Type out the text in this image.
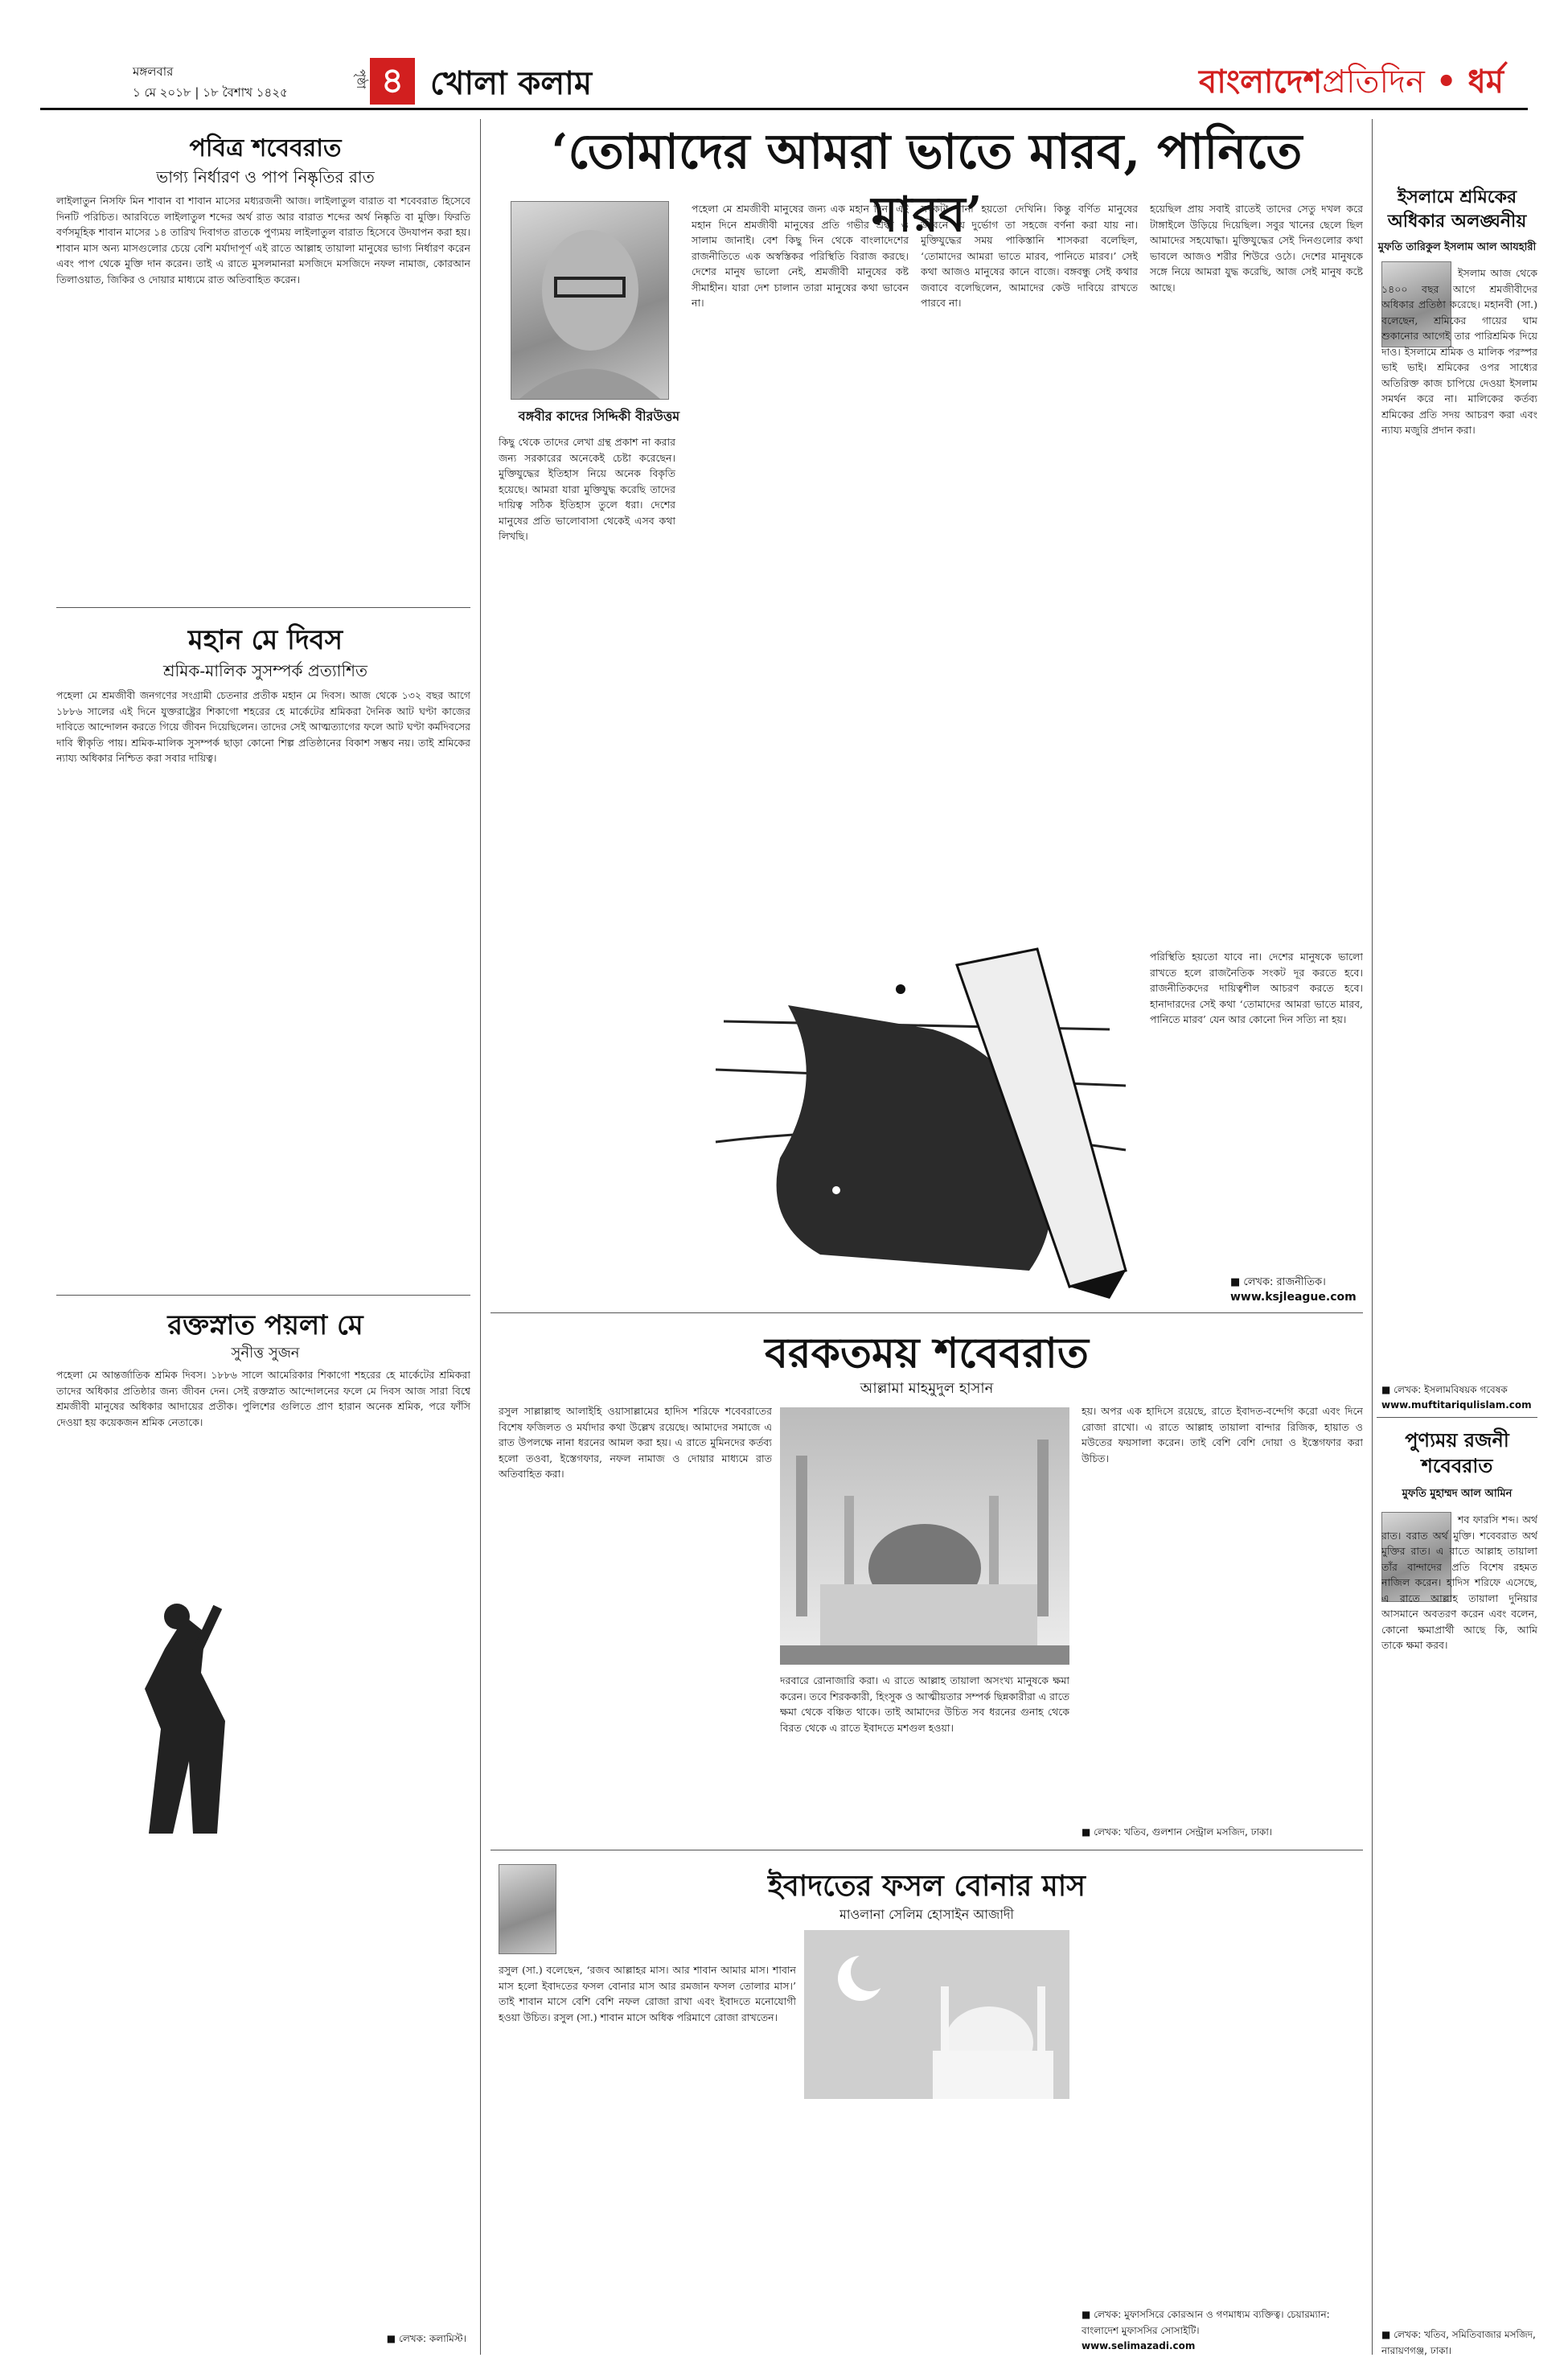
মঙ্গলবার
১ মে ২০১৮ | ১৮ বৈশাখ ১৪২৫
পৃষ্ঠা ৪ খোলা কলাম	বাংলাদেশপ্রতিদিন • ধর্ম
পবিত্র শবেবরাত
ভাগ্য নির্ধারণ ও পাপ নিষ্কৃতির রাত
লাইলাতুন নিসফি মিন শাবান বা শাবান মাসের মধ্যরজনী আজ। লাইলাতুল বারাত বা শবেবরাত হিসেবে দিনটি পরিচিত। আরবিতে লাইলাতুল শব্দের অর্থ রাত আর বারাত শব্দের অর্থ নিষ্কৃতি বা মুক্তি। ফিরতি বর্ণসমূহিক শাবান মাসের ১৪ তারিখ দিবাগত রাতকে পুণ্যময় লাইলাতুল বারাত হিসেবে উদযাপন করা হয়। শাবান মাস অন্য মাসগুলোর চেয়ে বেশি মর্যাদাপূর্ণ এই রাতে আল্লাহ তায়ালা মানুষের ভাগ্য নির্ধারণ করেন এবং পাপ থেকে মুক্তি দান করেন। তাই এ রাতে মুসলমানরা মসজিদে মসজিদে নফল নামাজ, কোরআন তিলাওয়াত, জিকির ও দোয়ার মাধ্যমে রাত অতিবাহিত করেন।
মহান মে দিবস
শ্রমিক-মালিক সুসম্পর্ক প্রত্যাশিত
পহেলা মে শ্রমজীবী জনগণের সংগ্রামী চেতনার প্রতীক মহান মে দিবস। আজ থেকে ১৩২ বছর আগে ১৮৮৬ সালের এই দিনে যুক্তরাষ্ট্রের শিকাগো শহরের হে মার্কেটের শ্রমিকরা দৈনিক আট ঘণ্টা কাজের দাবিতে আন্দোলন করতে গিয়ে জীবন দিয়েছিলেন। তাদের সেই আত্মত্যাগের ফলে আট ঘণ্টা কর্মদিবসের দাবি স্বীকৃতি পায়। শ্রমিক-মালিক সুসম্পর্ক ছাড়া কোনো শিল্প প্রতিষ্ঠানের বিকাশ সম্ভব নয়। তাই শ্রমিকের ন্যায্য অধিকার নিশ্চিত করা সবার দায়িত্ব।
রক্তস্নাত পয়লা মে
সুনীত্ত সুজন
পহেলা মে আন্তর্জাতিক শ্রমিক দিবস। ১৮৮৬ সালে আমেরিকার শিকাগো শহরের হে মার্কেটের শ্রমিকরা তাদের অধিকার প্রতিষ্ঠার জন্য জীবন দেন। সেই রক্তস্নাত আন্দোলনের ফলে মে দিবস আজ সারা বিশ্বে শ্রমজীবী মানুষের অধিকার আদায়ের প্রতীক। পুলিশের গুলিতে প্রাণ হারান অনেক শ্রমিক, পরে ফাঁসি দেওয়া হয় কয়েকজন শ্রমিক নেতাকে।
■ লেখক: কলামিস্ট।
‘তোমাদের আমরা ভাতে মারব, পানিতে মারব’
বঙ্গবীর কাদের সিদ্দিকী বীরউত্তম
পহেলা মে শ্রমজীবী মানুষের জন্য এক মহান দিন। এই মহান দিনে শ্রমজীবী মানুষের প্রতি গভীর শ্রদ্ধা ও সালাম জানাই। বেশ কিছু দিন থেকে বাংলাদেশের রাজনীতিতে এক অস্বস্তিকর পরিস্থিতি বিরাজ করছে। দেশের মানুষ ভালো নেই, শ্রমজীবী মানুষের কষ্ট সীমাহীন। যারা দেশ চালান তারা মানুষের কথা ভাবেন না।
সবকটা ধানা হয়তো দেখিনি। কিন্তু বর্ণিত মানুষের জীবনে যে দুর্ভোগ তা সহজে বর্ণনা করা যায় না। মুক্তিযুদ্ধের সময় পাকিস্তানি শাসকরা বলেছিল, ‘তোমাদের আমরা ভাতে মারব, পানিতে মারব।’ সেই কথা আজও মানুষের কানে বাজে। বঙ্গবন্ধু সেই কথার জবাবে বলেছিলেন, আমাদের কেউ দাবিয়ে রাখতে পারবে না।
হয়েছিল প্রায় সবাই রাতেই তাদের সেতু দখল করে টাঙ্গাইলে উড়িয়ে দিয়েছিল। সবুর খানের ছেলে ছিল আমাদের সহযোদ্ধা। মুক্তিযুদ্ধের সেই দিনগুলোর কথা ভাবলে আজও শরীর শিউরে ওঠে। দেশের মানুষকে সঙ্গে নিয়ে আমরা যুদ্ধ করেছি, আজ সেই মানুষ কষ্টে আছে।
কিছু থেকে তাদের লেখা গ্রন্থ প্রকাশ না করার জন্য সরকারের অনেকেই চেষ্টা করেছেন। মুক্তিযুদ্ধের ইতিহাস নিয়ে অনেক বিকৃতি হয়েছে। আমরা যারা মুক্তিযুদ্ধ করেছি তাদের দায়িত্ব সঠিক ইতিহাস তুলে ধরা। দেশের মানুষের প্রতি ভালোবাসা থেকেই এসব কথা লিখছি।
পরিস্থিতি হয়তো যাবে না। দেশের মানুষকে ভালো রাখতে হলে রাজনৈতিক সংকট দূর করতে হবে। রাজনীতিকদের দায়িত্বশীল আচরণ করতে হবে। হানাদারদের সেই কথা ‘তোমাদের আমরা ভাতে মারব, পানিতে মারব’ যেন আর কোনো দিন সত্যি না হয়।
■ লেখক: রাজনীতিক।
www.ksjleague.com
ইসলামে শ্রমিকের অধিকার অলঙ্ঘনীয়
মুফতি তারিকুল ইসলাম আল আযহারী
ইসলাম আজ থেকে ১৪০০ বছর আগে শ্রমজীবীদের অধিকার প্রতিষ্ঠা করেছে। মহানবী (সা.) বলেছেন, শ্রমিকের গায়ের ঘাম শুকানোর আগেই তার পারিশ্রমিক দিয়ে দাও। ইসলামে শ্রমিক ও মালিক পরস্পর ভাই ভাই। শ্রমিকের ওপর সাধ্যের অতিরিক্ত কাজ চাপিয়ে দেওয়া ইসলাম সমর্থন করে না। মালিকের কর্তব্য শ্রমিকের প্রতি সদয় আচরণ করা এবং ন্যায্য মজুরি প্রদান করা।
■ লেখক: ইসলামবিষয়ক গবেষক
www.muftitariqulislam.com
পুণ্যময় রজনী শবেবরাত
মুফতি মুহাম্মদ আল আমিন
শব ফারসি শব্দ। অর্থ রাত। বরাত অর্থ মুক্তি। শবেবরাত অর্থ মুক্তির রাত। এ রাতে আল্লাহ তায়ালা তাঁর বান্দাদের প্রতি বিশেষ রহমত নাজিল করেন। হাদিস শরিফে এসেছে, এ রাতে আল্লাহ তায়ালা দুনিয়ার আসমানে অবতরণ করেন এবং বলেন, কোনো ক্ষমাপ্রার্থী আছে কি, আমি তাকে ক্ষমা করব।
■ লেখক: খতিব, সমিতিবাজার মসজিদ, নারায়ণগঞ্জ, ঢাকা।
বরকতময় শবেবরাত
আল্লামা মাহমুদুল হাসান
রসুল সাল্লাল্লাহু আলাইহি ওয়াসাল্লামের হাদিস শরিফে শবেবরাতের বিশেষ ফজিলত ও মর্যাদার কথা উল্লেখ রয়েছে। আমাদের সমাজে এ রাত উপলক্ষে নানা ধরনের আমল করা হয়। এ রাতে মুমিনদের কর্তব্য হলো তওবা, ইস্তেগফার, নফল নামাজ ও দোয়ার মাধ্যমে রাত অতিবাহিত করা।
দরবারে রোনাজারি করা। এ রাতে আল্লাহ তায়ালা অসংখ্য মানুষকে ক্ষমা করেন। তবে শিরককারী, হিংসুক ও আত্মীয়তার সম্পর্ক ছিন্নকারীরা এ রাতে ক্ষমা থেকে বঞ্চিত থাকে। তাই আমাদের উচিত সব ধরনের গুনাহ থেকে বিরত থেকে এ রাতে ইবাদতে মশগুল হওয়া।
হয়। অপর এক হাদিসে রয়েছে, রাতে ইবাদত-বন্দেগি করো এবং দিনে রোজা রাখো। এ রাতে আল্লাহ তায়ালা বান্দার রিজিক, হায়াত ও মউতের ফয়সালা করেন। তাই বেশি বেশি দোয়া ও ইস্তেগফার করা উচিত।
■ লেখক: খতিব, গুলশান সেন্ট্রাল মসজিদ, ঢাকা।
ইবাদতের ফসল বোনার মাস
মাওলানা সেলিম হোসাইন আজাদী
রসুল (সা.) বলেছেন, ‘রজব আল্লাহর মাস। আর শাবান আমার মাস। শাবান মাস হলো ইবাদতের ফসল বোনার মাস আর রমজান ফসল তোলার মাস।’ তাই শাবান মাসে বেশি বেশি নফল রোজা রাখা এবং ইবাদতে মনোযোগী হওয়া উচিত। রসুল (সা.) শাবান মাসে অধিক পরিমাণে রোজা রাখতেন।
■ লেখক: মুফাসসিরে কোরআন ও গণমাধ্যম ব্যক্তিত্ব। চেয়ারম্যান: বাংলাদেশ মুফাসসির সোসাইটি।
www.selimazadi.com
